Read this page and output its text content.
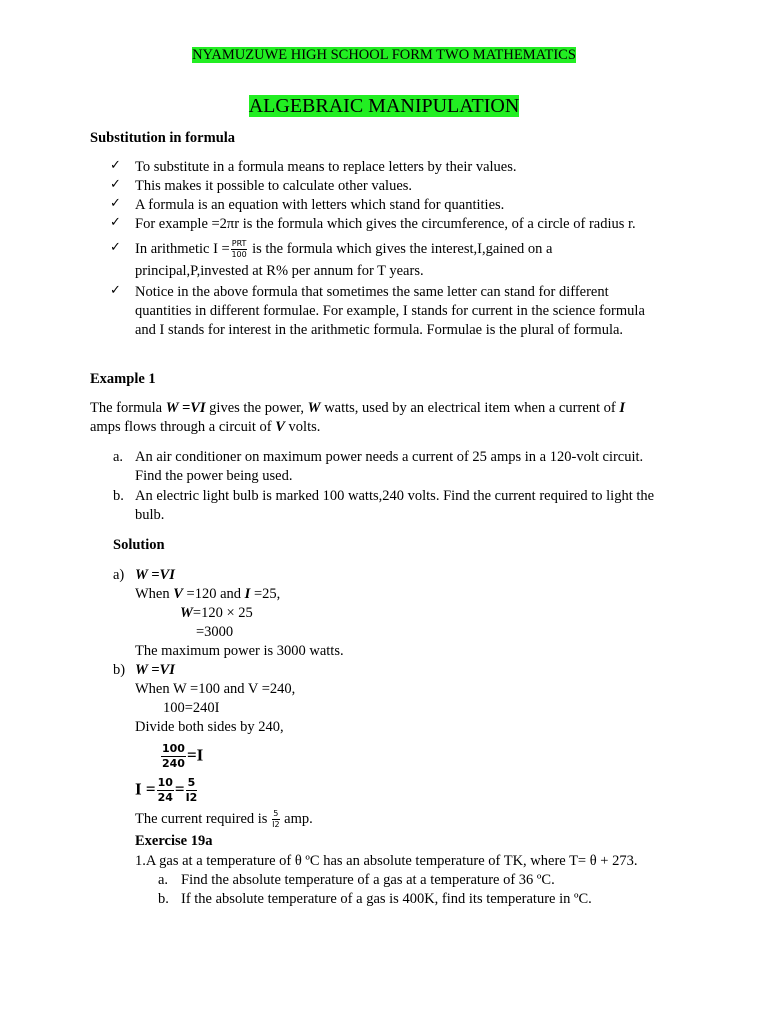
NYAMUZUWE HIGH SCHOOL FORM TWO MATHEMATICS
ALGEBRAIC MANIPULATION
Substitution in formula
✓ To substitute in a formula means to replace letters by their values.
✓ This makes it possible to calculate other values.
✓ A formula is an equation with letters which stand for quantities.
✓ For example =2πr is the formula which gives the circumference, of a circle of radius r.
✓ In arithmetic $I = \frac{\text{PRT}}{100}$ is the formula which gives the interest,I,gained on a
principal,P,invested at R% per annum for T years.
✓ Notice in the above formula that sometimes the same letter can stand for different
quantities in different formulae. For example, I stands for current in the science formula
and I stands for interest in the arithmetic formula. Formulae is the plural of formula.
Example 1
The formula W =VI gives the power, W watts, used by an electrical item when a current of I
amps flows through a circuit of V volts.
a. An air conditioner on maximum power needs a current of 25 amps in a 120-volt circuit.
Find the power being used.
b. An electric light bulb is marked 100 watts,240 volts. Find the current required to light the
bulb.
Solution
a) W =VI
When V =120 and I =25,
W=120 × 25
=3000
The maximum power is 3000 watts.
b) W =VI
When W =100 and V =240,
100=240I
Divide both sides by 240,
$\frac{100}{240} =I$
$I = \frac{10}{24} = \frac{5}{I2}$
The current required is $\frac{5}{I2}$ amp.
Exercise 19a
1.A gas at a temperature of θ ºC has an absolute temperature of TK, where T= θ + 273.
a. Find the absolute temperature of a gas at a temperature of 36 ºC.
b. If the absolute temperature of a gas is 400K, find its temperature in ºC.
